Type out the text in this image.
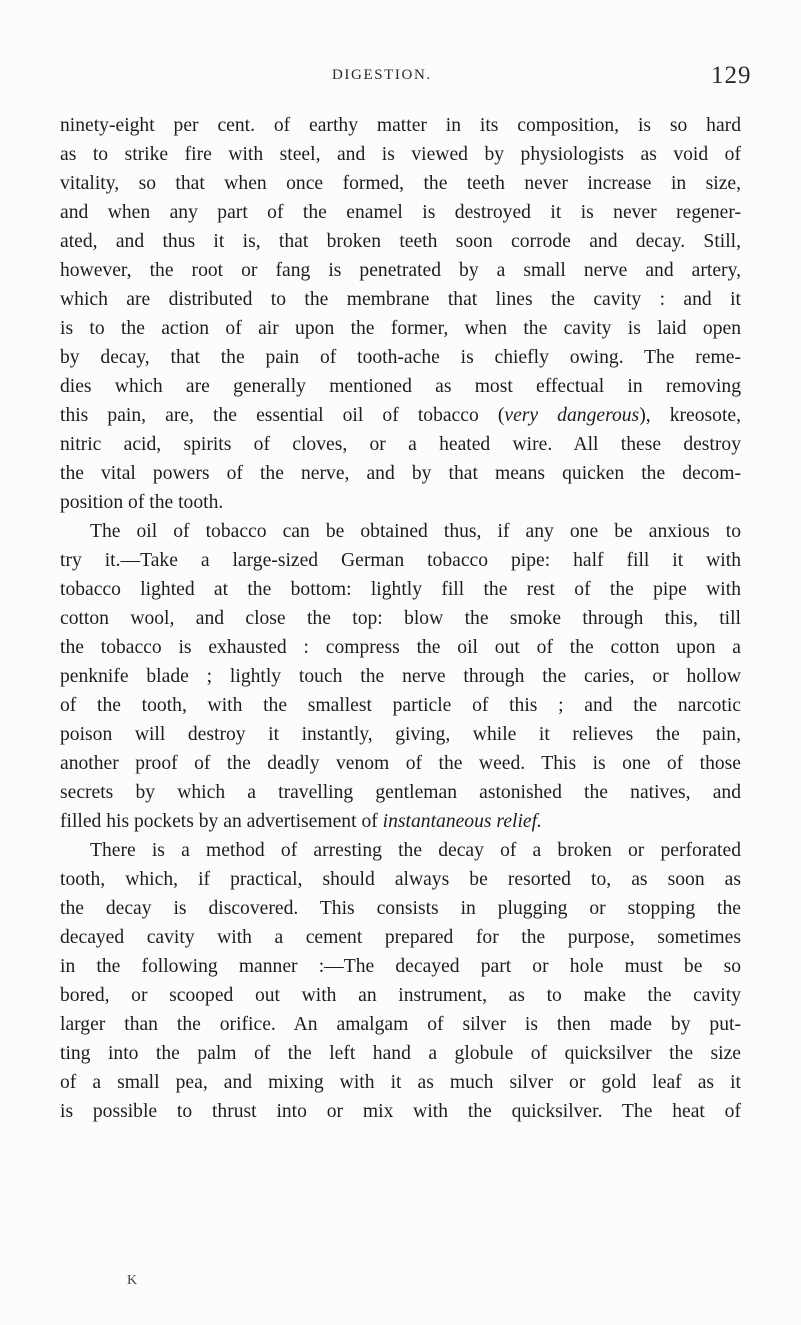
DIGESTION.	129
ninety-eight per cent. of earthy matter in its composition, is so hard
as to strike fire with steel, and is viewed by physiologists as void of
vitality, so that when once formed, the teeth never increase in size,
and when any part of the enamel is destroyed it is never regener-
ated, and thus it is, that broken teeth soon corrode and decay. Still,
however, the root or fang is penetrated by a small nerve and artery,
which are distributed to the membrane that lines the cavity : and it
is to the action of air upon the former, when the cavity is laid open
by decay, that the pain of tooth-ache is chiefly owing. The reme-
dies which are generally mentioned as most effectual in removing
this pain, are, the essential oil of tobacco (very dangerous), kreosote,
nitric acid, spirits of cloves, or a heated wire. All these destroy
the vital powers of the nerve, and by that means quicken the decom-
position of the tooth.
The oil of tobacco can be obtained thus, if any one be anxious to
try it.—Take a large-sized German tobacco pipe: half fill it with
tobacco lighted at the bottom: lightly fill the rest of the pipe with
cotton wool, and close the top: blow the smoke through this, till
the tobacco is exhausted : compress the oil out of the cotton upon a
penknife blade ; lightly touch the nerve through the caries, or hollow
of the tooth, with the smallest particle of this ; and the narcotic
poison will destroy it instantly, giving, while it relieves the pain,
another proof of the deadly venom of the weed. This is one of those
secrets by which a travelling gentleman astonished the natives, and
filled his pockets by an advertisement of instantaneous relief.
There is a method of arresting the decay of a broken or perforated
tooth, which, if practical, should always be resorted to, as soon as
the decay is discovered. This consists in plugging or stopping the
decayed cavity with a cement prepared for the purpose, sometimes
in the following manner :—The decayed part or hole must be so
bored, or scooped out with an instrument, as to make the cavity
larger than the orifice. An amalgam of silver is then made by put-
ting into the palm of the left hand a globule of quicksilver the size
of a small pea, and mixing with it as much silver or gold leaf as it
is possible to thrust into or mix with the quicksilver. The heat of
K
